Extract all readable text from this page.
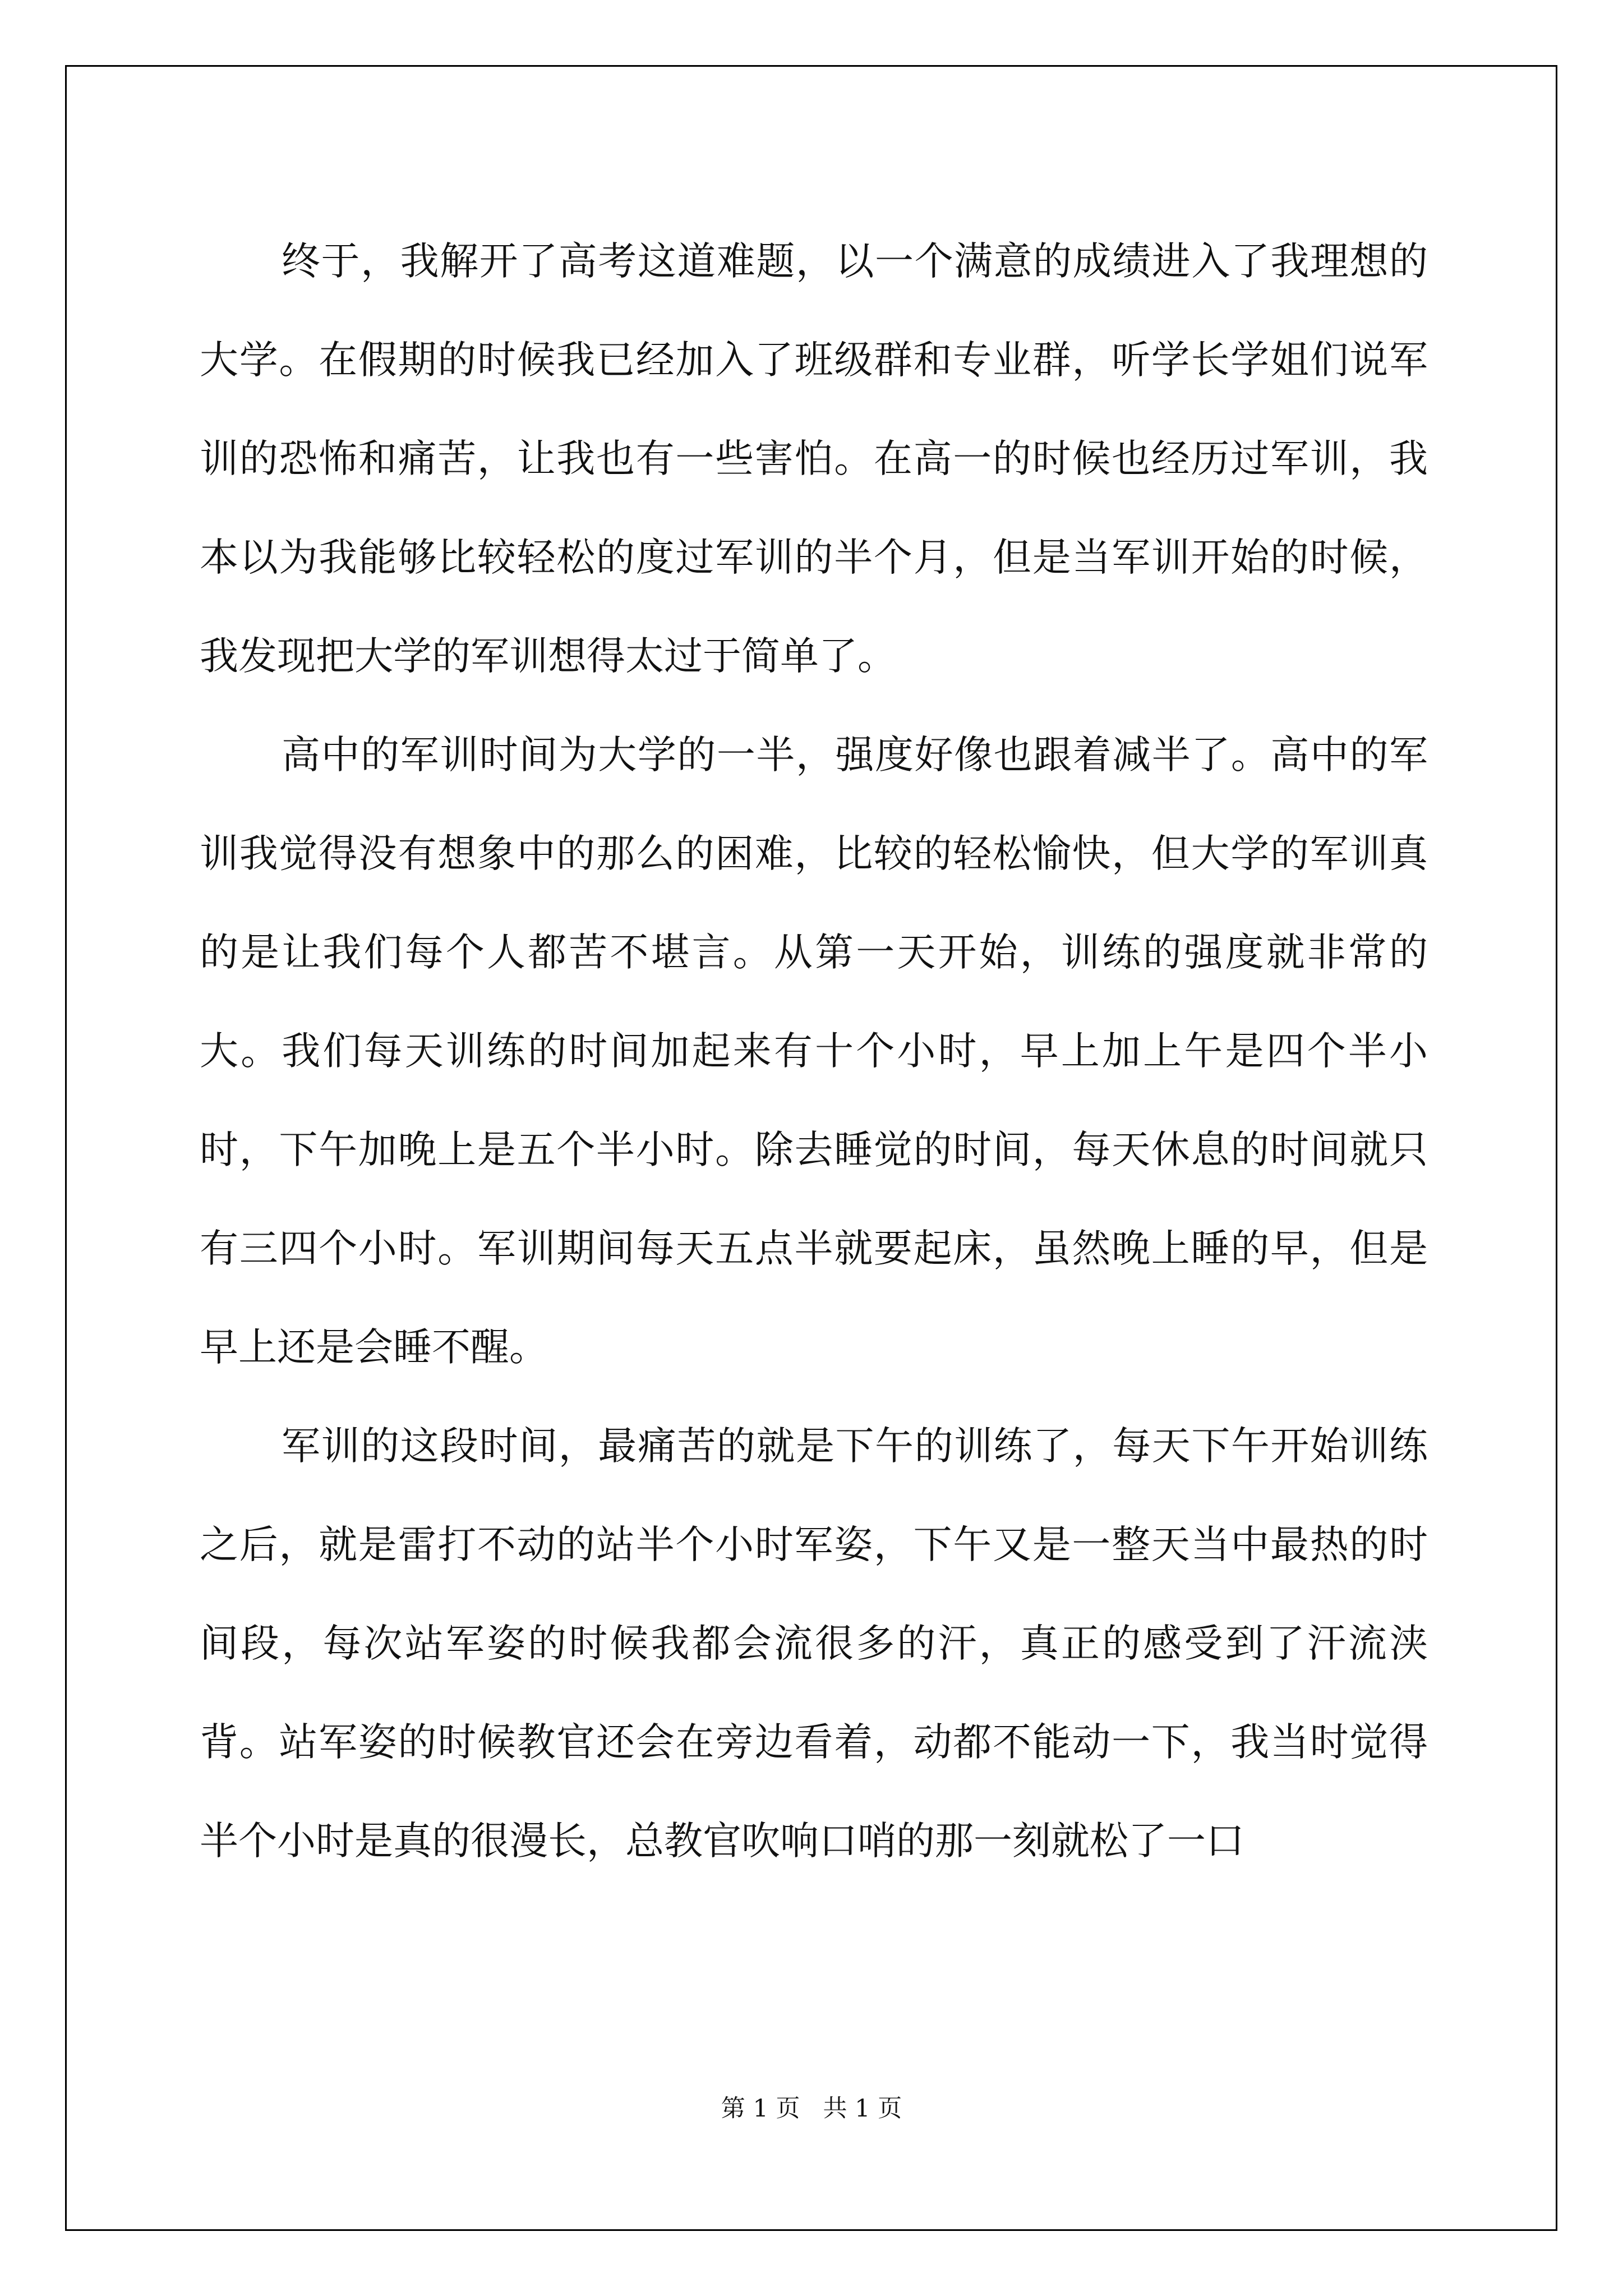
终于，我解开了高考这道难题，以一个满意的成绩进入了我理想的大学。在假期的时候我已经加入了班级群和专业群，听学长学姐们说军训的恐怖和痛苦，让我也有一些害怕。在高一的时候也经历过军训，我本以为我能够比较轻松的度过军训的半个月，但是当军训开始的时候，我发现把大学的军训想得太过于简单了。

高中的军训时间为大学的一半，强度好像也跟着减半了。高中的军训我觉得没有想象中的那么的困难，比较的轻松愉快，但大学的军训真的是让我们每个人都苦不堪言。从第一天开始，训练的强度就非常的大。我们每天训练的时间加起来有十个小时，早上加上午是四个半小时，下午加晚上是五个半小时。除去睡觉的时间，每天休息的时间就只有三四个小时。军训期间每天五点半就要起床，虽然晚上睡的早，但是早上还是会睡不醒。

军训的这段时间，最痛苦的就是下午的训练了，每天下午开始训练之后，就是雷打不动的站半个小时军姿，下午又是一整天当中最热的时间段，每次站军姿的时候我都会流很多的汗，真正的感受到了汗流浃背。站军姿的时候教官还会在旁边看着，动都不能动一下，我当时觉得半个小时是真的很漫长，总教官吹响口哨的那一刻就松了一口

第 1 页 共 1 页
